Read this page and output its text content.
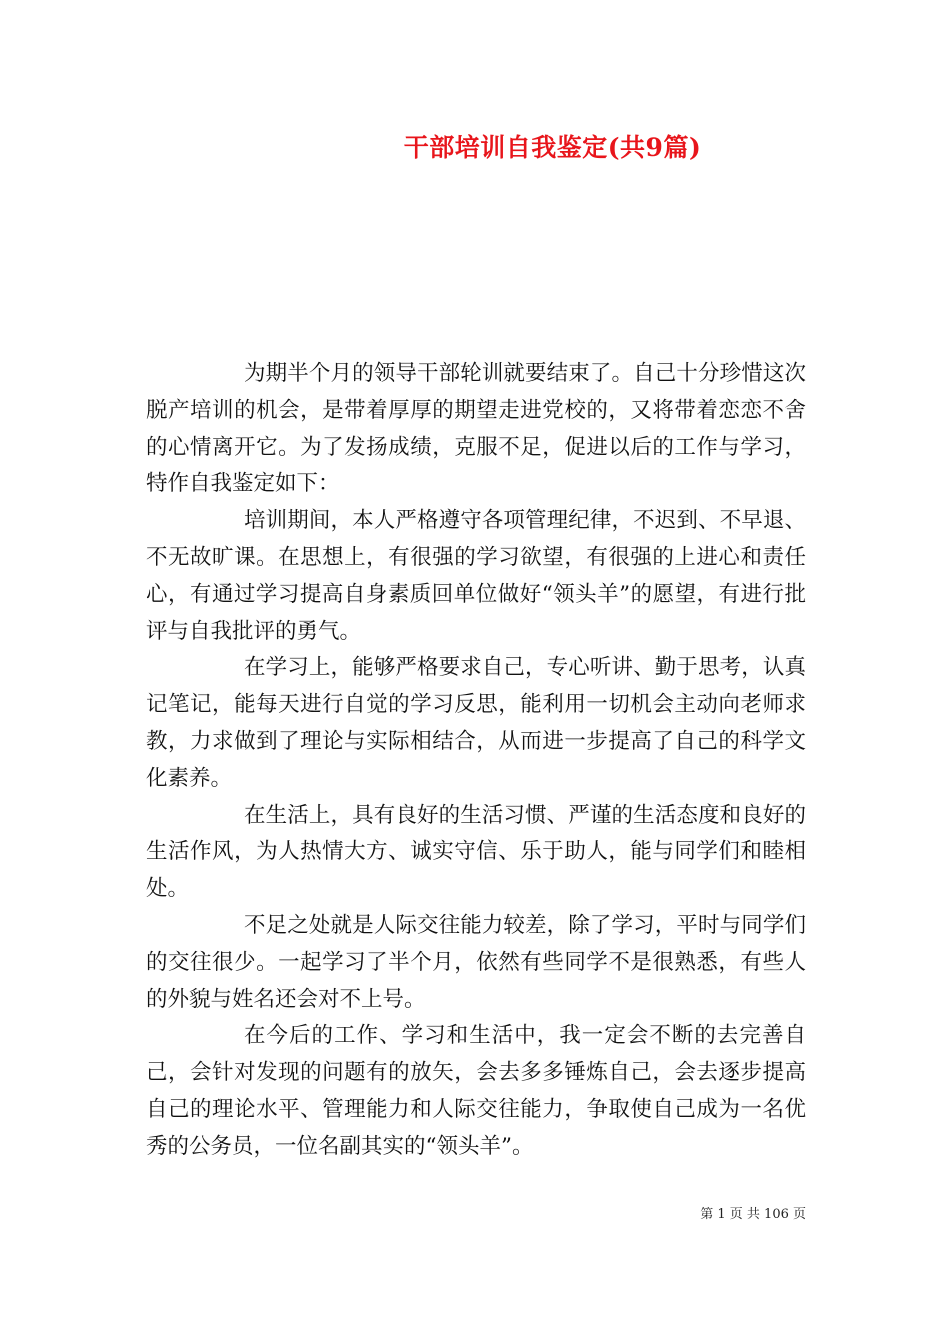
干部培训自我鉴定(共9篇)

为期半个月的领导干部轮训就要结束了。自己十分珍惜这次脱产培训的机会，是带着厚厚的期望走进党校的，又将带着恋恋不舍的心情离开它。为了发扬成绩，克服不足，促进以后的工作与学习，特作自我鉴定如下：

培训期间，本人严格遵守各项管理纪律，不迟到、不早退、不无故旷课。在思想上，有很强的学习欲望，有很强的上进心和责任心，有通过学习提高自身素质回单位做好“领头羊”的愿望，有进行批评与自我批评的勇气。

在学习上，能够严格要求自己，专心听讲、勤于思考，认真记笔记，能每天进行自觉的学习反思，能利用一切机会主动向老师求教，力求做到了理论与实际相结合，从而进一步提高了自己的科学文化素养。

在生活上，具有良好的生活习惯、严谨的生活态度和良好的生活作风，为人热情大方、诚实守信、乐于助人，能与同学们和睦相处。

不足之处就是人际交往能力较差，除了学习，平时与同学们的交往很少。一起学习了半个月，依然有些同学不是很熟悉，有些人的外貌与姓名还会对不上号。

在今后的工作、学习和生活中，我一定会不断的去完善自己，会针对发现的问题有的放矢，会去多多锤炼自己，会去逐步提高自己的理论水平、管理能力和人际交往能力，争取使自己成为一名优秀的公务员，一位名副其实的“领头羊”。

第 1 页 共 106 页
